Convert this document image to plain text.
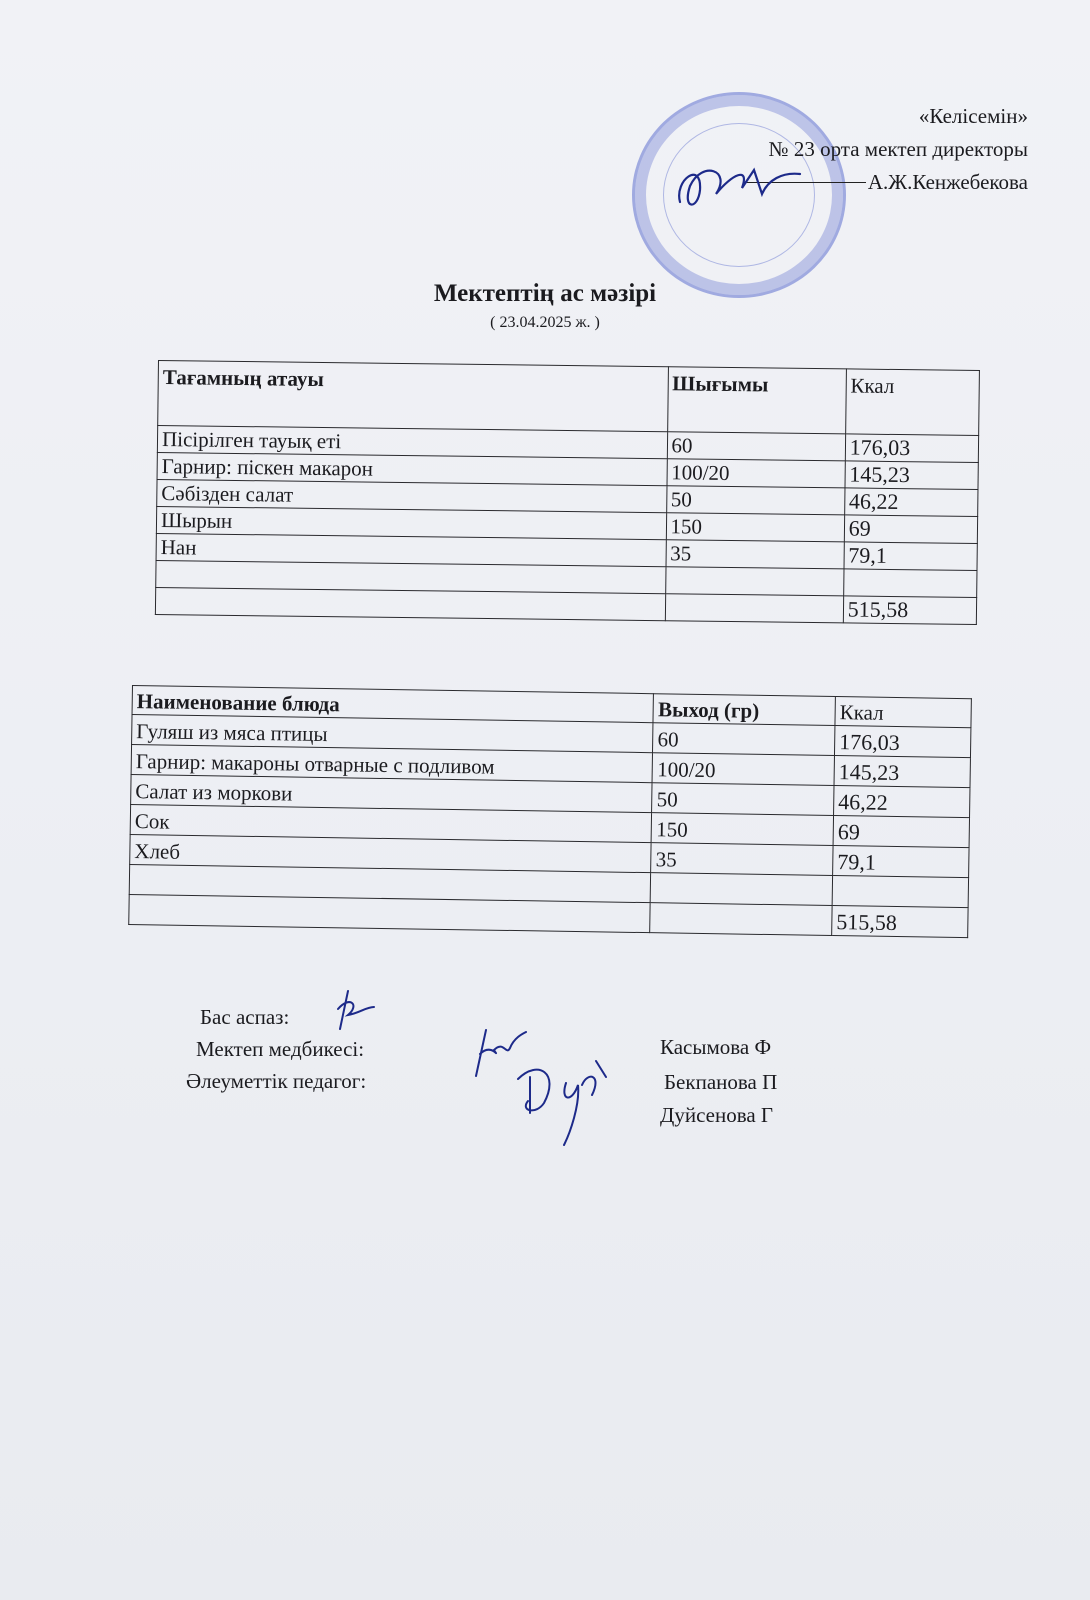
«Келісемін»
№ 23 орта мектеп директоры
А.Ж.Кенжебекова
Мектептің ас мәзірі
( 23.04.2025 ж. )
Тағамның атауы	Шығымы	Ккал
Пісірілген тауық еті	60	176,03
Гарнир: піскен макарон	100/20	145,23
Сәбізден салат	50	46,22
Шырын	150	69
Нан	35	79,1

		515,58
Наименование блюда	Выход (гр)	Ккал
Гуляш из мяса птицы	60	176,03
Гарнир: макароны отварные с подливом	100/20	145,23
Салат из моркови	50	46,22
Сок	150	69
Хлеб	35	79,1

		515,58
Бас аспаз:
Мектеп медбикесі:
Әлеуметтік педагог:
Касымова Ф
Бекпанова П
Дуйсенова Г
